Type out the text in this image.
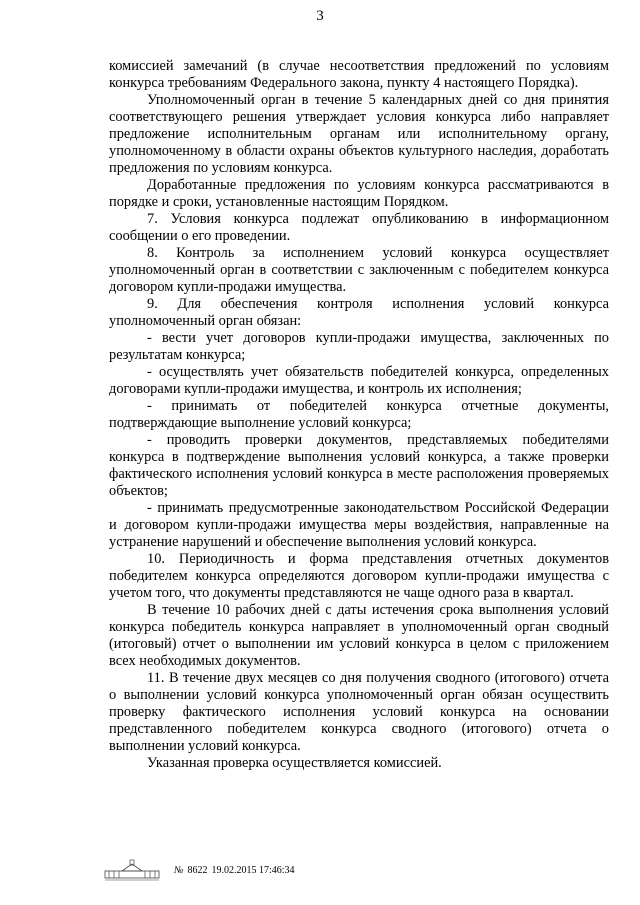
3

комиссией замечаний (в случае несоответствия предложений по условиям конкурса требованиям Федерального закона, пункту 4 настоящего Порядка).

Уполномоченный орган в течение 5 календарных дней со дня принятия соответствующего решения утверждает условия конкурса либо направляет предложение исполнительным органам или исполнительному органу, уполномоченному в области охраны объектов культурного наследия, доработать предложения по условиям конкурса.

Доработанные предложения по условиям конкурса рассматриваются в порядке и сроки, установленные настоящим Порядком.

7. Условия конкурса подлежат опубликованию в информационном сообщении о его проведении.

8. Контроль за исполнением условий конкурса осуществляет уполномоченный орган в соответствии с заключенным с победителем конкурса договором купли-продажи имущества.

9. Для обеспечения контроля исполнения условий конкурса уполномоченный орган обязан:

- вести учет договоров купли-продажи имущества, заключенных по результатам конкурса;

- осуществлять учет обязательств победителей конкурса, определенных договорами купли-продажи имущества, и контроль их исполнения;

- принимать от победителей конкурса отчетные документы, подтверждающие выполнение условий конкурса;

- проводить проверки документов, представляемых победителями конкурса в подтверждение выполнения условий конкурса, а также проверки фактического исполнения условий конкурса в месте расположения проверяемых объектов;

- принимать предусмотренные законодательством Российской Федерации и договором купли-продажи имущества меры воздействия, направленные на устранение нарушений и обеспечение выполнения условий конкурса.

10. Периодичность и форма представления отчетных документов победителем конкурса определяются договором купли-продажи имущества с учетом того, что документы представляются не чаще одного раза в квартал.

В течение 10 рабочих дней с даты истечения срока выполнения условий конкурса победитель конкурса направляет в уполномоченный орган сводный (итоговый) отчет о выполнении им условий конкурса в целом с приложением всех необходимых документов.

11. В течение двух месяцев со дня получения сводного (итогового) отчета о выполнении условий конкурса уполномоченный орган обязан осуществить проверку фактического исполнения условий конкурса на основании представленного победителем конкурса сводного (итогового) отчета о выполнении условий конкурса.

Указанная проверка осуществляется комиссией.

№ 8622 19.02.2015 17:46:34
